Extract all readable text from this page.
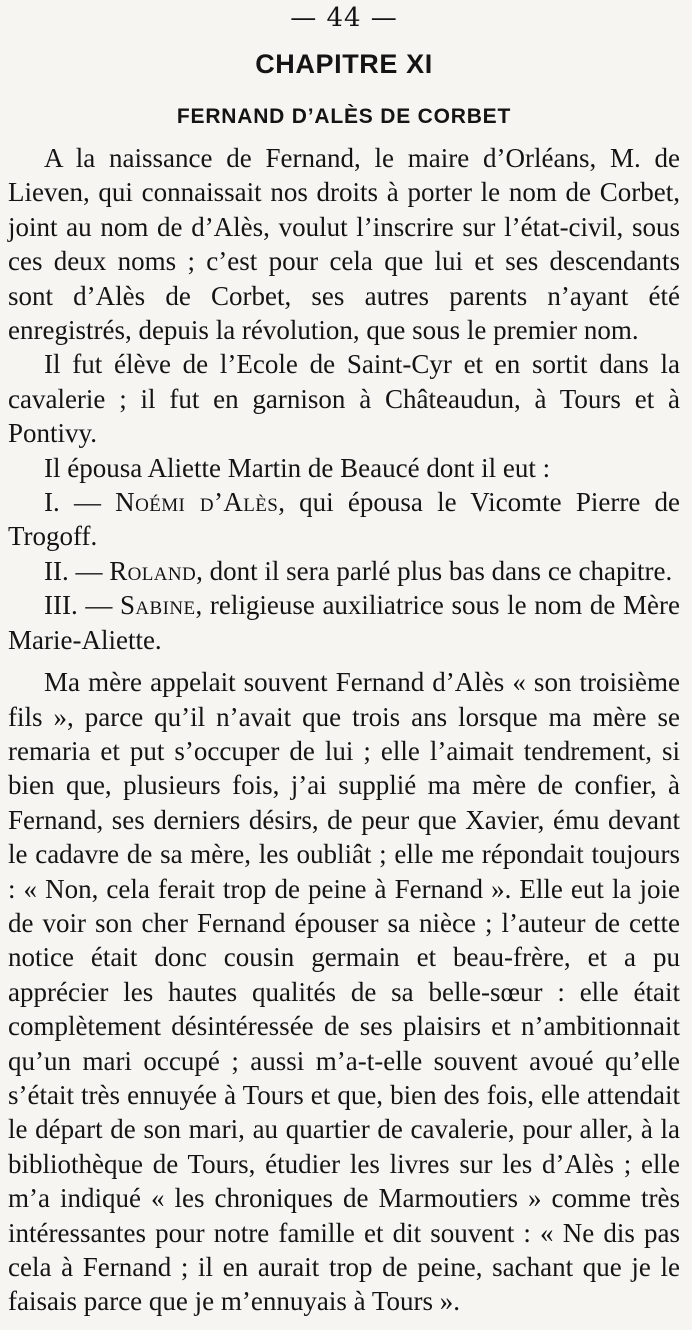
— 44 —
CHAPITRE XI
FERNAND D’ALÈS DE CORBET

A la naissance de Fernand, le maire d’Orléans, M. de Lieven, qui connaissait nos droits à porter le nom de Corbet, joint au nom de d’Alès, voulut l’inscrire sur l’état-civil, sous ces deux noms ; c’est pour cela que lui et ses descendants sont d’Alès de Corbet, ses autres parents n’ayant été enregistrés, depuis la révolution, que sous le premier nom.

Il fut élève de l’Ecole de Saint-Cyr et en sortit dans la cavalerie ; il fut en garnison à Châteaudun, à Tours et à Pontivy.

Il épousa Aliette Martin de Beaucé dont il eut :

I. — Noémi d’Alès, qui épousa le Vicomte Pierre de Trogoff.

II. — Roland, dont il sera parlé plus bas dans ce chapitre.

III. — Sabine, religieuse auxiliatrice sous le nom de Mère Marie-Aliette.

Ma mère appelait souvent Fernand d’Alès « son troisième fils », parce qu’il n’avait que trois ans lorsque ma mère se remaria et put s’occuper de lui ; elle l’aimait tendrement, si bien que, plusieurs fois, j’ai supplié ma mère de confier, à Fernand, ses derniers désirs, de peur que Xavier, ému devant le cadavre de sa mère, les oubliât ; elle me répondait toujours : « Non, cela ferait trop de peine à Fernand ». Elle eut la joie de voir son cher Fernand épouser sa nièce ; l’auteur de cette notice était donc cousin germain et beau-frère, et a pu apprécier les hautes qualités de sa belle-sœur : elle était complètement désintéressée de ses plaisirs et n’ambitionnait qu’un mari occupé ; aussi m’a-t-elle souvent avoué qu’elle s’était très ennuyée à Tours et que, bien des fois, elle attendait le départ de son mari, au quartier de cavalerie, pour aller, à la bibliothèque de Tours, étudier les livres sur les d’Alès ; elle m’a indiqué « les chroniques de Marmoutiers » comme très intéressantes pour notre famille et dit souvent : « Ne dis pas cela à Fernand ; il en aurait trop de peine, sachant que je le faisais parce que je m’ennuyais à Tours ».
